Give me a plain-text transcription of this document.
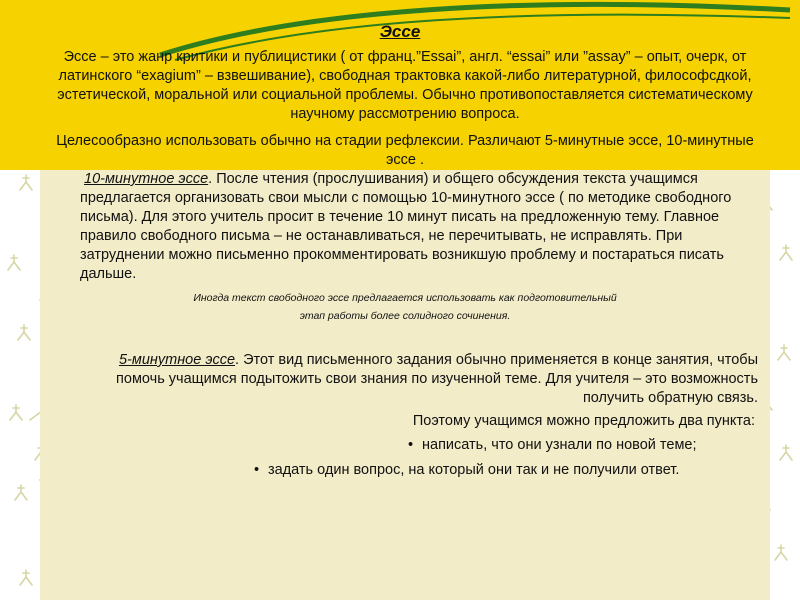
Эссе

Эссе – это жанр критики и публицистики ( от франц.”Essai”, англ. “essai” или ”assay” – опыт, очерк, от латинского “exagium” – взвешивание), свободная трактовка какой-либо литературной, философсдкой, эстетической, моральной или социальной проблемы. Обычно противопоставляется систематическому научному рассмотрению вопроса.

Целесообразно использовать обычно на стадии рефлексии. Различают 5-минутные эссе, 10-минутные эссе .

10-минутное эссе. После чтения (прослушивания) и общего обсуждения текста учащимся предлагается организовать свои мысли с помощью 10-минутного эссе ( по методике свободного письма). Для этого учитель просит в течение 10 минут писать на предложенную тему. Главное правило свободного письма – не останавливаться, не перечитывать, не исправлять. При затруднении можно письменно прокомментировать возникшую проблему и постараться писать дальше.

Иногда текст свободного эссе предлагается использовать как подготовительный
этап работы более солидного сочинения.

5-минутное эссе. Этот вид письменного задания обычно применяется в конце занятия, чтобы помочь учащимся подытожить свои знания по изученной теме. Для учителя – это возможность получить обратную связь.

Поэтому учащимся можно предложить два пункта:

• написать, что они узнали по новой теме;
• задать один вопрос, на который они так и не получили ответ.
